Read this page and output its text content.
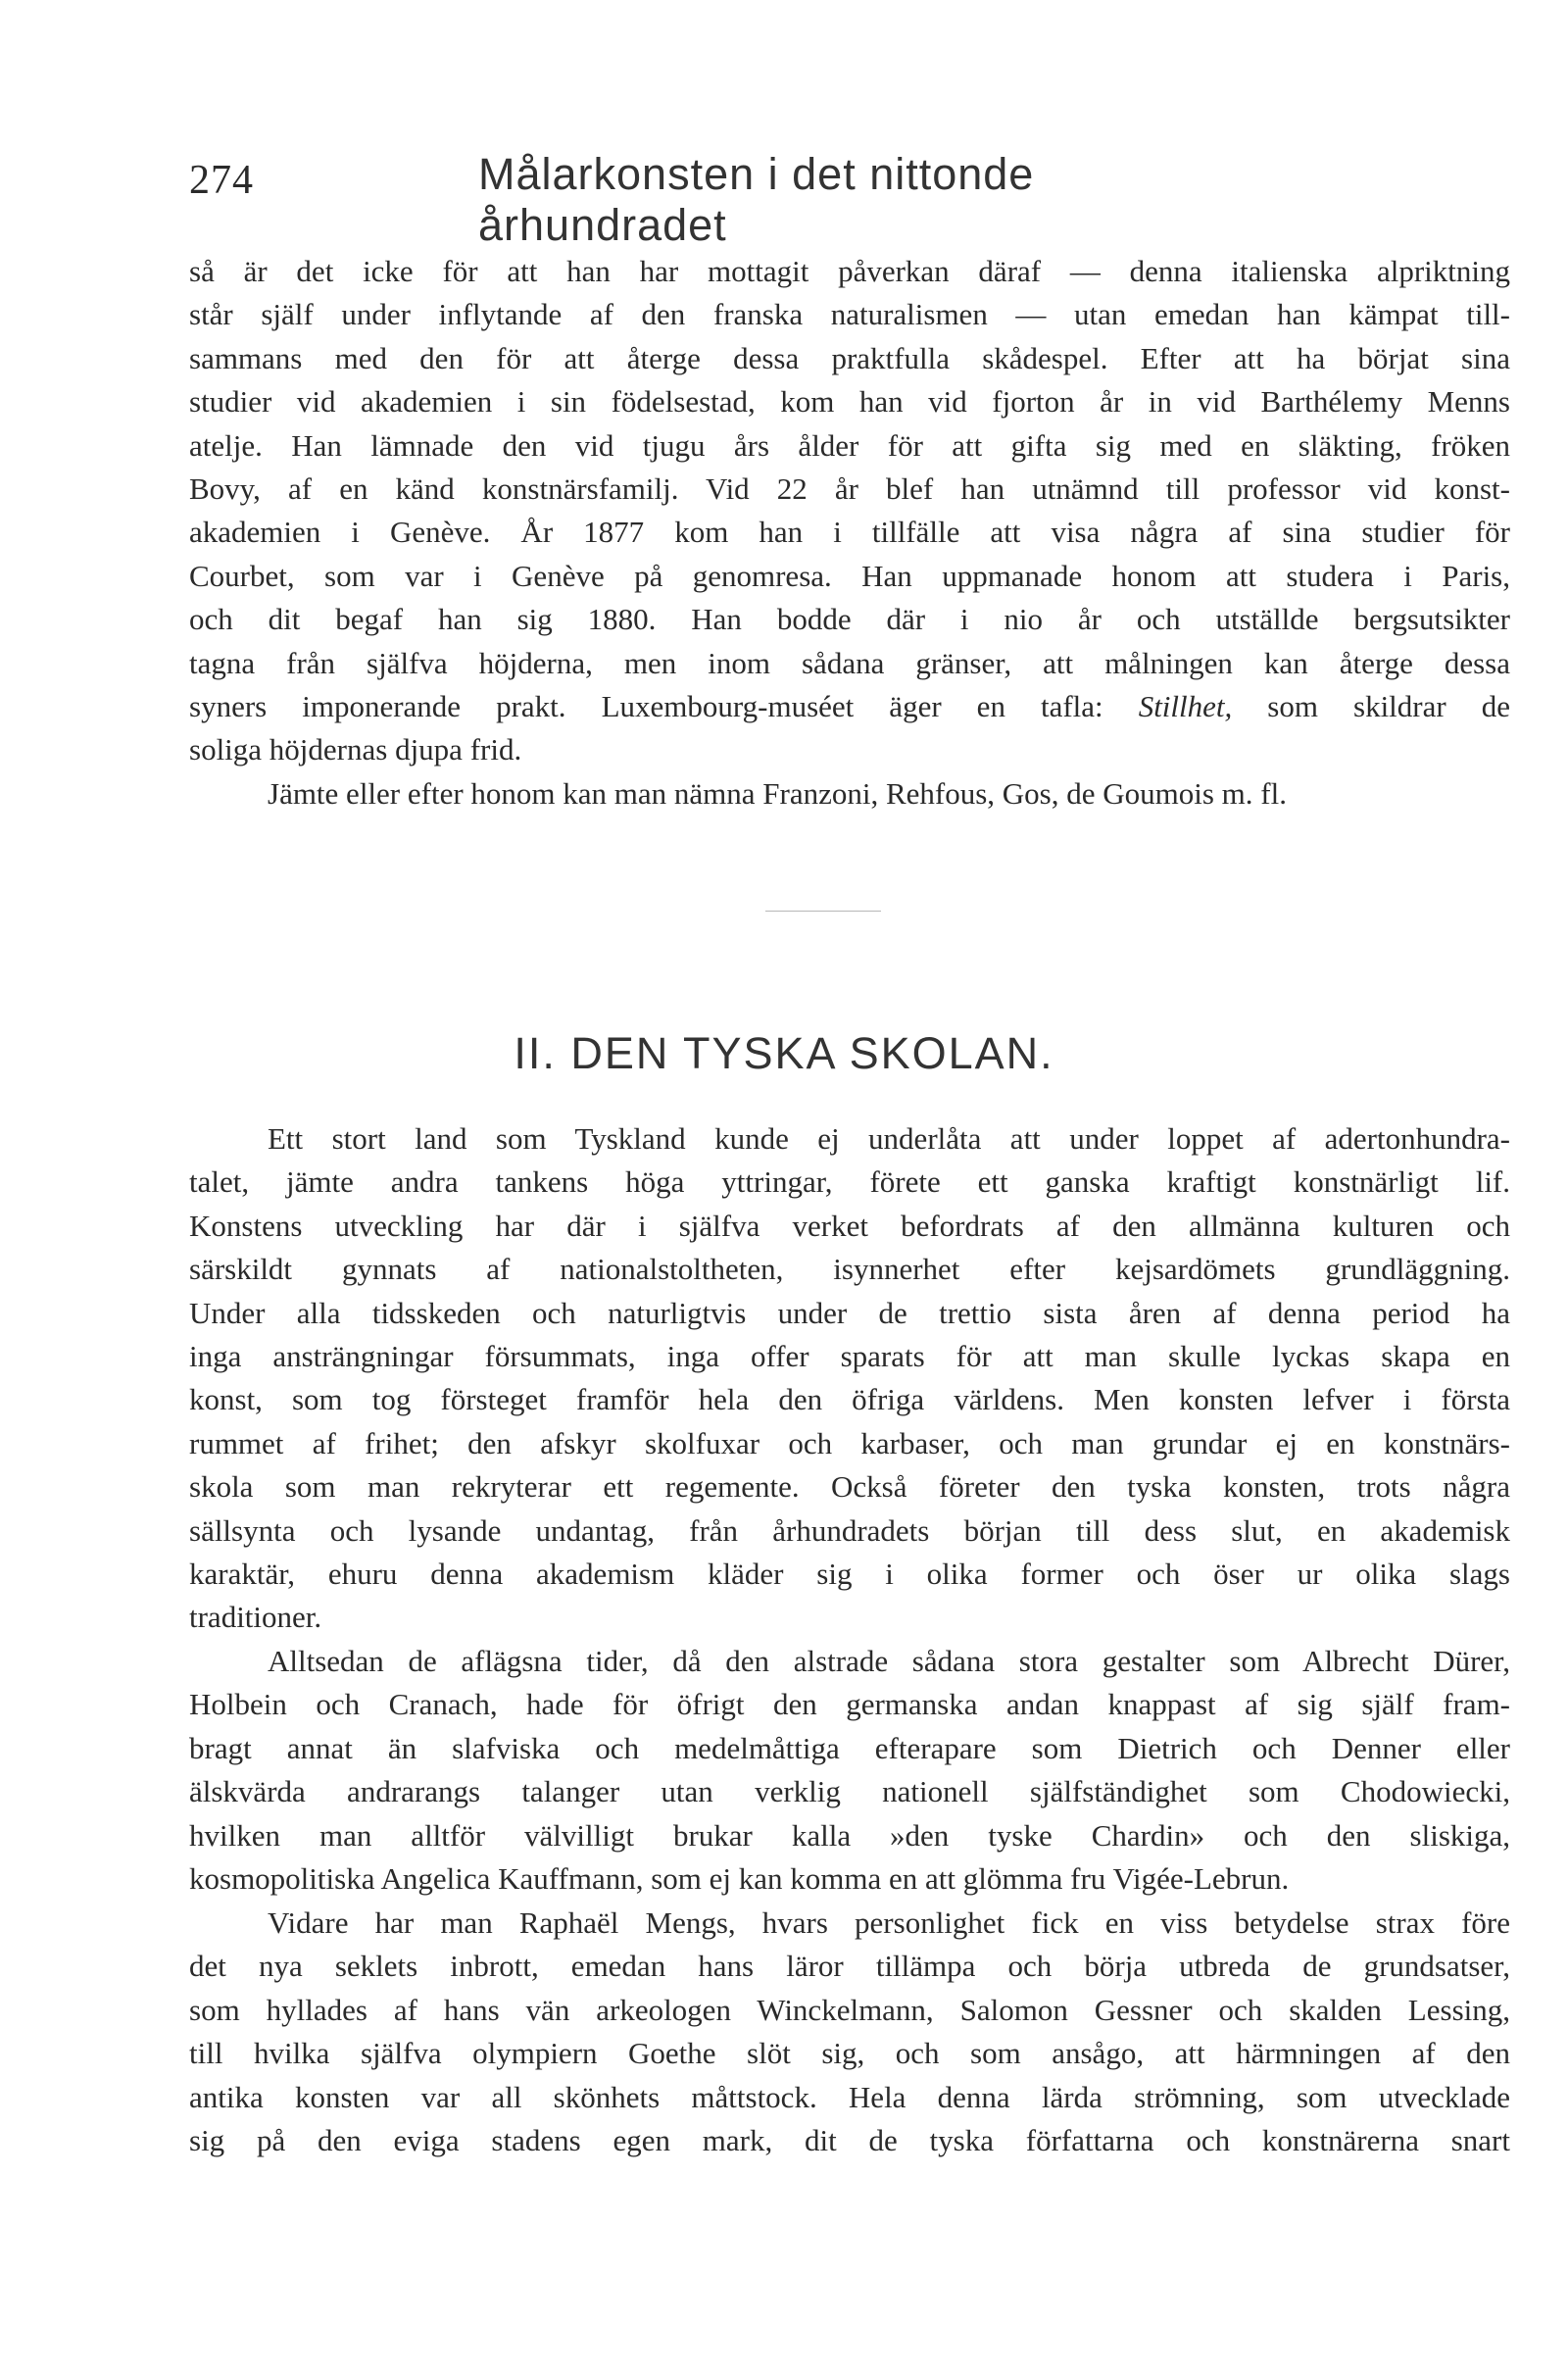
274	Målarkonsten i det nittonde århundradet
så är det icke för att han har mottagit påverkan däraf — denna italienska alpriktning
står själf under inflytande af den franska naturalismen — utan emedan han kämpat till-
sammans med den för att återge dessa praktfulla skådespel. Efter att ha börjat sina
studier vid akademien i sin födelsestad, kom han vid fjorton år in vid Barthélemy Menns
atelje. Han lämnade den vid tjugu års ålder för att gifta sig med en släkting, fröken
Bovy, af en känd konstnärsfamilj. Vid 22 år blef han utnämnd till professor vid konst-
akademien i Genève. År 1877 kom han i tillfälle att visa några af sina studier för
Courbet, som var i Genève på genomresa. Han uppmanade honom att studera i Paris,
och dit begaf han sig 1880. Han bodde där i nio år och utställde bergsutsikter
tagna från själfva höjderna, men inom sådana gränser, att målningen kan återge dessa
syners imponerande prakt. Luxembourg-muséet äger en tafla: Stillhet, som skildrar de
soliga höjdernas djupa frid.
Jämte eller efter honom kan man nämna Franzoni, Rehfous, Gos, de Goumois m. fl.
II. DEN TYSKA SKOLAN.
Ett stort land som Tyskland kunde ej underlåta att under loppet af adertonhundra-
talet, jämte andra tankens höga yttringar, förete ett ganska kraftigt konstnärligt lif.
Konstens utveckling har där i själfva verket befordrats af den allmänna kulturen och
särskildt gynnats af nationalstoltheten, isynnerhet efter kejsardömets grundläggning.
Under alla tidsskeden och naturligtvis under de trettio sista åren af denna period ha
inga ansträngningar försummats, inga offer sparats för att man skulle lyckas skapa en
konst, som tog försteget framför hela den öfriga världens. Men konsten lefver i första
rummet af frihet; den afskyr skolfuxar och karbaser, och man grundar ej en konstnärs-
skola som man rekryterar ett regemente. Också företer den tyska konsten, trots några
sällsynta och lysande undantag, från århundradets början till dess slut, en akademisk
karaktär, ehuru denna akademism kläder sig i olika former och öser ur olika slags
traditioner.
Alltsedan de aflägsna tider, då den alstrade sådana stora gestalter som Albrecht Dürer,
Holbein och Cranach, hade för öfrigt den germanska andan knappast af sig själf fram-
bragt annat än slafviska och medelmåttiga efterapare som Dietrich och Denner eller
älskvärda andrarangs talanger utan verklig nationell själfständighet som Chodowiecki,
hvilken man alltför välvilligt brukar kalla »den tyske Chardin» och den sliskiga,
kosmopolitiska Angelica Kauffmann, som ej kan komma en att glömma fru Vigée-Lebrun.
Vidare har man Raphaël Mengs, hvars personlighet fick en viss betydelse strax före
det nya seklets inbrott, emedan hans läror tillämpa och börja utbreda de grundsatser,
som hyllades af hans vän arkeologen Winckelmann, Salomon Gessner och skalden Lessing,
till hvilka själfva olympiern Goethe slöt sig, och som ansågo, att härmningen af den
antika konsten var all skönhets måttstock. Hela denna lärda strömning, som utvecklade
sig på den eviga stadens egen mark, dit de tyska författarna och konstnärerna snart
